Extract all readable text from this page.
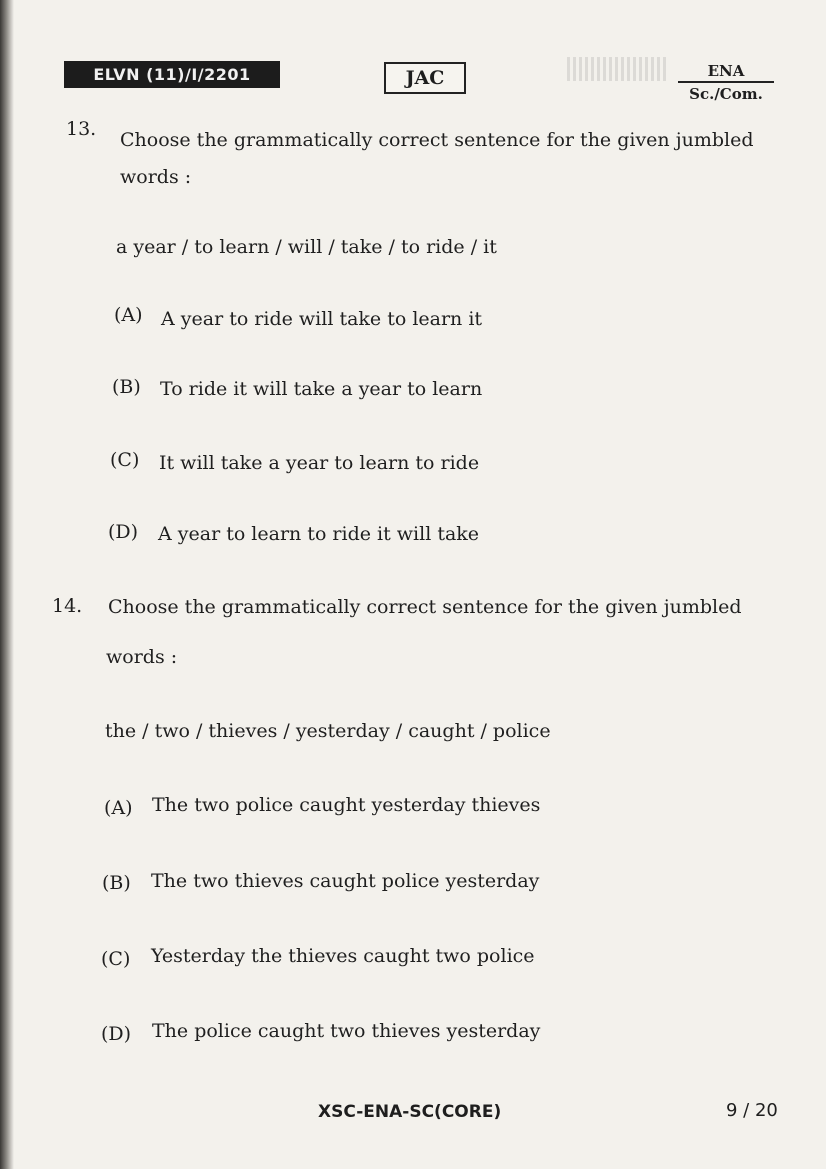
ELVN (11)/I/2201	JAC	ENA
Sc./Com.
13. Choose the grammatically correct sentence for the given jumbled
words :
a year / to learn / will / take / to ride / it
(A) A year to ride will take to learn it
(B) To ride it will take a year to learn
(C) It will take a year to learn to ride
(D) A year to learn to ride it will take
14. Choose the grammatically correct sentence for the given jumbled
words :
the / two / thieves / yesterday / caught / police
(A) The two police caught yesterday thieves
(B) The two thieves caught police yesterday
(C) Yesterday the thieves caught two police
(D) The police caught two thieves yesterday
XSC-ENA-SC(CORE)	9 / 20
